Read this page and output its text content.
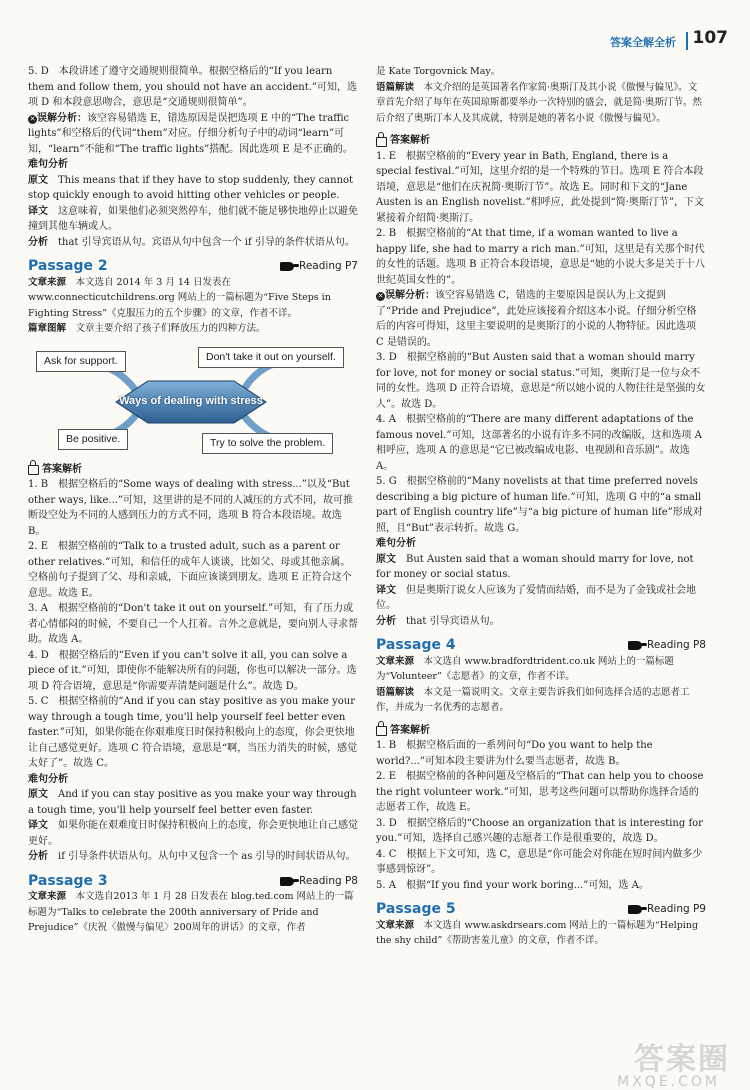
答案全解全析 107

5. D　本段讲述了遵守交通规则很简单。根据空格后的“If you learn them and follow them, you should not have an accident.”可知，选项 D 和本段意思吻合，意思是“交通规则很简单”。

✕ 误解分析：该空容易错选 E，错选原因是误把选项 E 中的“The traffic lights”和空格后的代词“them”对应。仔细分析句子中的动词“learn”可知，“learn”不能和“The traffic lights”搭配。因此选项 E 是不正确的。

难句分析

原文　 This means that if they have to stop suddenly, they cannot stop quickly enough to avoid hitting other vehicles or people.

译文　 这意味着，如果他们必须突然停车，他们就不能足够快地停止以避免撞到其他车辆或人。

分析　 that 引导宾语从句。宾语从句中包含一个 if 引导的条件状语从句。

Passage 2	Reading P7

文章来源　 本文选自 2014 年 3 月 14 日发表在 www.connecticutchildrens.org 网站上的一篇标题为“Five Steps in Fighting Stress”《克服压力的五个步骤》的文章，作者不详。

篇章图解　 文章主要介绍了孩子们释放压力的四种方法。

Ways of dealing with stress
Ask for support.	Don't take it out on yourself.
Be positive.	Try to solve the problem.
答案解析

1. B　根据空格后的“Some ways of dealing with stress...”以及“But other ways, like...”可知，这里讲的是不同的人减压的方式不同，故可推断设空处为不同的人感到压力的方式不同，选项 B 符合本段语境。故选 B。

2. E　根据空格前的“Talk to a trusted adult, such as a parent or other relatives.”可知，和信任的成年人谈谈，比如父、母或其他亲属。空格前句子提到了父、母和亲戚，下面应该谈到朋友。选项 E 正符合这个意思。故选 E。

3. A　根据空格前的“Don't take it out on yourself.”可知，有了压力或者心情郁闷的时候，不要自己一个人扛着。言外之意就是，要向别人寻求帮助。故选 A。

4. D　根据空格后的“Even if you can't solve it all, you can solve a piece of it.”可知，即使你不能解决所有的问题，你也可以解决一部分。选项 D 符合语境，意思是“你需要弄清楚问题是什么”。故选 D。

5. C　根据空格前的“And if you can stay positive as you make your way through a tough time, you'll help yourself feel better even faster.”可知，如果你能在你艰难度日时保持积极向上的态度，你会更快地让自己感觉更好。选项 C 符合语境，意思是“啊，当压力消失的时候，感觉太好了”。故选 C。

难句分析

原文　 And if you can stay positive as you make your way through a tough time, you'll help yourself feel better even faster.

译文　 如果你能在艰难度日时保持积极向上的态度，你会更快地让自己感觉更好。

分析　 if 引导条件状语从句。从句中又包含一个 as 引导的时间状语从句。

Passage 3	Reading P8

文章来源　 本文选自2013 年 1 月 28 日发表在 blog.ted.com 网站上的一篇标题为“Talks to celebrate the 200th anniversary of Pride and Prejudice”《庆祝〈傲慢与偏见〉200周年的讲话》的文章，作者

是 Kate Torgovnick May。

语篇解读　 本文介绍的是英国著名作家简·奥斯汀及其小说《傲慢与偏见》。文章首先介绍了每年在英国琼斯都要举办一次特别的盛会，就是简·奥斯汀节。然后介绍了奥斯汀本人及其成就，特别是她的著名小说《傲慢与偏见》。

答案解析

1. E　根据空格前的“Every year in Bath, England, there is a special festival.”可知，这里介绍的是一个特殊的节日。选项 E 符合本段语境，意思是“他们在庆祝简·奥斯汀节”。故选 E。同时和下文的“Jane Austen is an English novelist.”相呼应，此处提到“简·奥斯汀节”，下文紧接着介绍简·奥斯汀。

2. B　根据空格前的“At that time, if a woman wanted to live a happy life, she had to marry a rich man.”可知，这里是有关那个时代的女性的话题。选项 B 正符合本段语境，意思是“她的小说大多是关于十八世纪英国女性的”。

✕ 误解分析：该空容易错选 C，错选的主要原因是误认为上文提到了“Pride and Prejudice”，此处应该接着介绍这本小说。仔细分析空格后的内容可得知，这里主要说明的是奥斯汀的小说的人物特征。因此选项 C 是错误的。

3. D　根据空格前的“But Austen said that a woman should marry for love, not for money or social status.”可知，奥斯汀是一位与众不同的女性。选项 D 正符合语境，意思是“所以她小说的人物往往是坚强的女人”。故选 D。

4. A　根据空格前的“There are many different adaptations of the famous novel.”可知，这部著名的小说有许多不同的改编版，这和选项 A 相呼应，选项 A 的意思是“它已被改编成电影、电视剧和音乐剧”。故选 A。

5. G　根据空格前的“Many novelists at that time preferred novels describing a big picture of human life.”可知，选项 G 中的“a small part of English country life”与“a big picture of human life”形成对照，且“But”表示转折。故选 G。

难句分析

原文　 But Austen said that a woman should marry for love, not for money or social status.

译文　 但是奥斯汀说女人应该为了爱情而结婚，而不是为了金钱或社会地位。

分析　 that 引导宾语从句。

Passage 4	Reading P8

文章来源　 本文选自 www.bradfordtrident.co.uk 网站上的一篇标题为“Volunteer”《志愿者》的文章，作者不详。

语篇解读　 本文是一篇说明文。文章主要告诉我们如何选择合适的志愿者工作，并成为一名优秀的志愿者。

答案解析

1. B　根据空格后面的一系列问句“Do you want to help the world?...”可知本段主要讲为什么要当志愿者，故选 B。

2. E　根据空格前的各种问题及空格后的“That can help you to choose the right volunteer work.”可知，思考这些问题可以帮助你选择合适的志愿者工作，故选 E。

3. D　根据空格后的“Choose an organization that is interesting for you.”可知，选择自己感兴趣的志愿者工作是很重要的，故选 D。

4. C　根据上下文可知，选 C，意思是“你可能会对你能在短时间内做多少事感到惊讶”。

5. A　根据“If you find your work boring...”可知，选 A。

Passage 5	Reading P9

文章来源　 本文选自 www.askdrsears.com 网站上的一篇标题为“Helping the shy child”《帮助害羞儿童》的文章，作者不详。

答案圈
MXQE.COM
